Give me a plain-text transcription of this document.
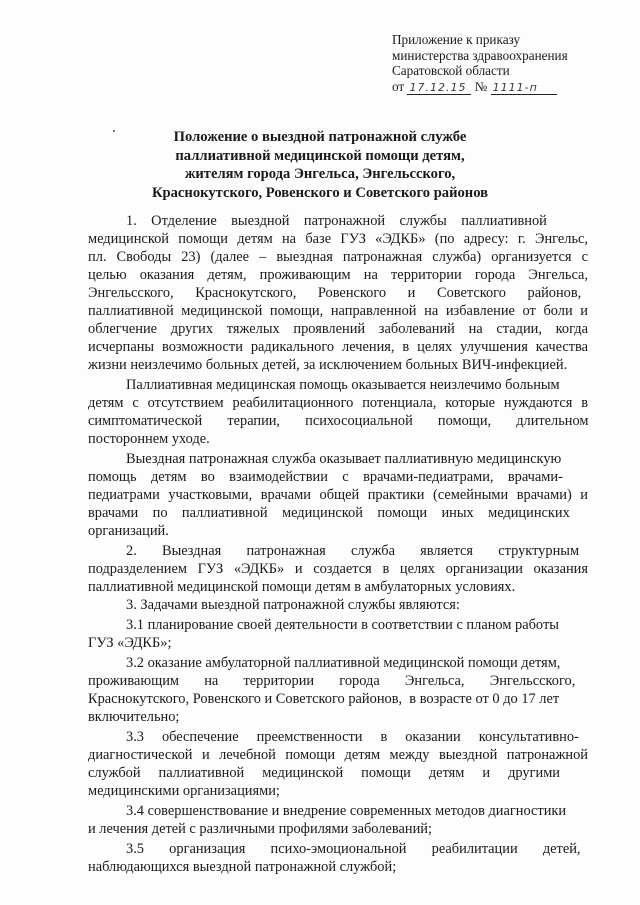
Приложение к приказу
министерства здравоохранения
Саратовской области
от 17.12.15 № 1111-п
Положение о выездной патронажной службе
паллиативной медицинской помощи детям,
жителям города Энгельса, Энгельсского,
Краснокутского, Ровенского и Советского районов
1.    Отделение    выездной    патронажной    службы    паллиативной
медицинской помощи детям на базе ГУЗ «ЭДКБ» (по адресу: г. Энгельс,
пл. Свободы 23) (далее – выездная патронажная служба) организуется с
целью оказания детям, проживающим на территории города Энгельса,
Энгельсского,      Краснокутского,      Ровенского      и      Советского      районов,
паллиативной медицинской помощи, направленной на избавление от боли и
облегчение других тяжелых проявлений заболеваний на стадии, когда
исчерпаны возможности радикального лечения, в целях улучшения качества
жизни неизлечимо больных детей, за исключением больных ВИЧ-инфекцией.
Паллиативная медицинская помощь оказывается неизлечимо больным
детям с отсутствием реабилитационного потенциала, которые нуждаются в
симптоматической       терапии,       психосоциальной       помощи,       длительном
постороннем уходе.
Выездная патронажная служба оказывает паллиативную медицинскую
помощь    детям    во    взаимодействии    с    врачами-педиатрами,    врачами-
педиатрами участковыми, врачами общей практики (семейными врачами) и
врачами    по    паллиативной    медицинской    помощи    иных    медицинских
организаций.
2.       Выездная       патронажная       служба       является       структурным
подразделением ГУЗ «ЭДКБ» и создается в целях организации оказания
паллиативной медицинской помощи детям в амбулаторных условиях.
3. Задачами выездной патронажной службы являются:
3.1 планирование своей деятельности в соответствии с планом работы
ГУЗ «ЭДКБ»;
3.2 оказание амбулаторной паллиативной медицинской помощи детям,
проживающим       на       территории       города       Энгельса,       Энгельсского,
Краснокутского, Ровенского и Советского районов,  в возрасте от 0 до 17 лет
включительно;
3.3     обеспечение     преемственности     в     оказании     консультативно-
диагностической и лечебной помощи детям между выездной патронажной
службой     паллиативной     медицинской     помощи     детям     и     другими
медицинскими организациями;
3.4 совершенствование и внедрение современных методов диагностики
и лечения детей с различными профилями заболеваний;
3.5       организация       психо-эмоциональной       реабилитации       детей,
наблюдающихся выездной патронажной службой;
